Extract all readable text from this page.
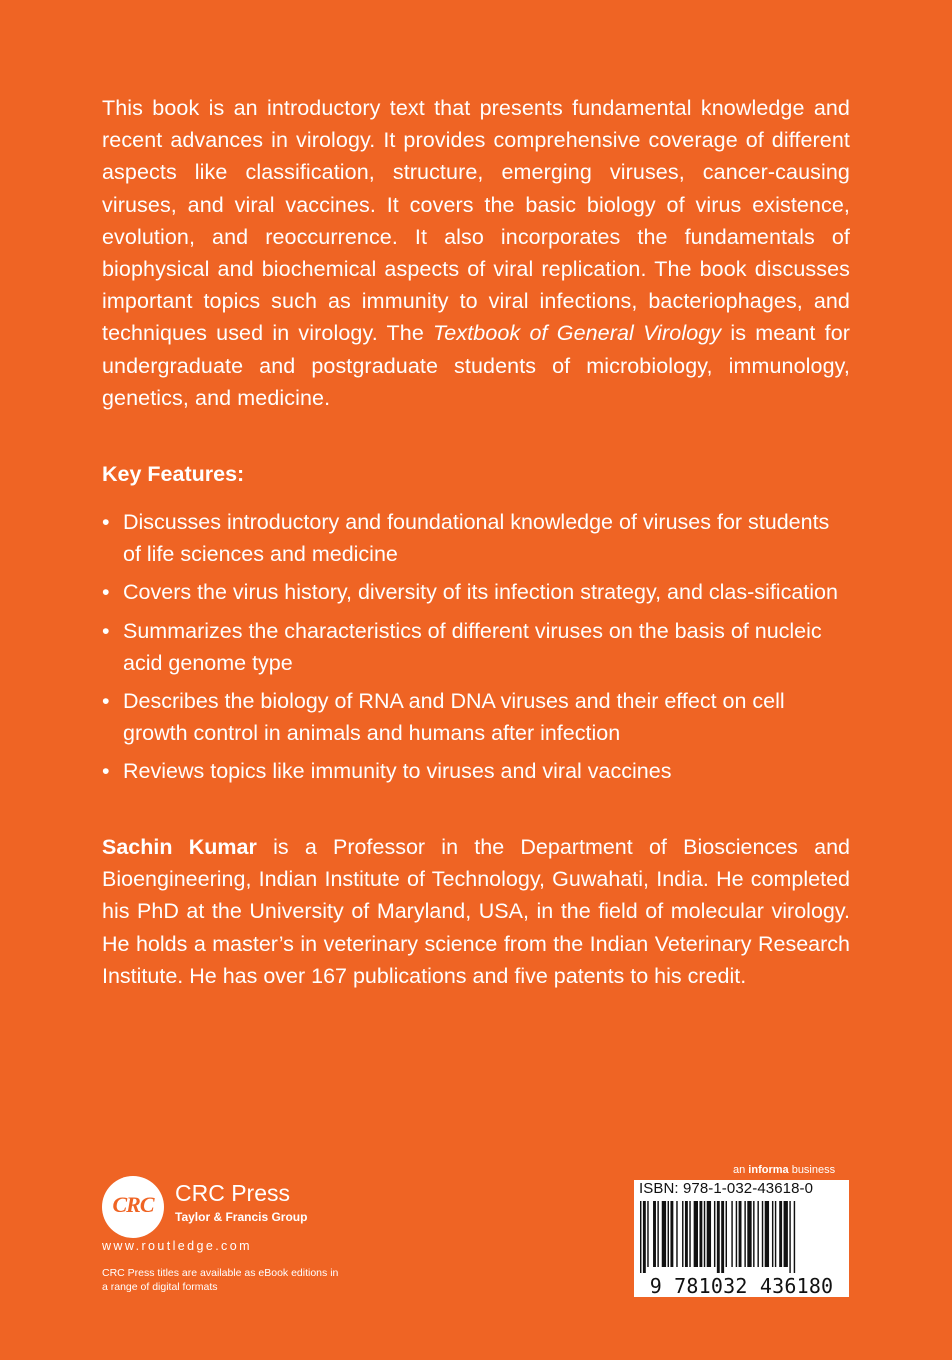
This book is an introductory text that presents fundamental knowledge and recent advances in virology. It provides comprehensive coverage of different aspects like classification, structure, emerging viruses, cancer-causing viruses, and viral vaccines. It covers the basic biology of virus existence, evolution, and reoccurrence. It also incorporates the fundamentals of biophysical and biochemical aspects of viral replication. The book discusses important topics such as immunity to viral infections, bacteriophages, and techniques used in virology. The Textbook of General Virology is meant for undergraduate and postgraduate students of microbiology, immunology, genetics, and medicine.

Key Features:
• Discusses introductory and foundational knowledge of viruses for students of life sciences and medicine
• Covers the virus history, diversity of its infection strategy, and clas-sification
• Summarizes the characteristics of different viruses on the basis of nucleic acid genome type
• Describes the biology of RNA and DNA viruses and their effect on cell growth control in animals and humans after infection
• Reviews topics like immunity to viruses and viral vaccines

Sachin Kumar is a Professor in the Department of Biosciences and Bioengineering, Indian Institute of Technology, Guwahati, India. He completed his PhD at the University of Maryland, USA, in the field of molecular virology. He holds a master’s in veterinary science from the Indian Veterinary Research Institute. He has over 167 publications and five patents to his credit.

CRC CRC Press
Taylor & Francis Group
www.routledge.com
CRC Press titles are available as eBook editions in a range of digital formats
an informa business
ISBN: 978-1-032-43618-0
9 781032 436180
